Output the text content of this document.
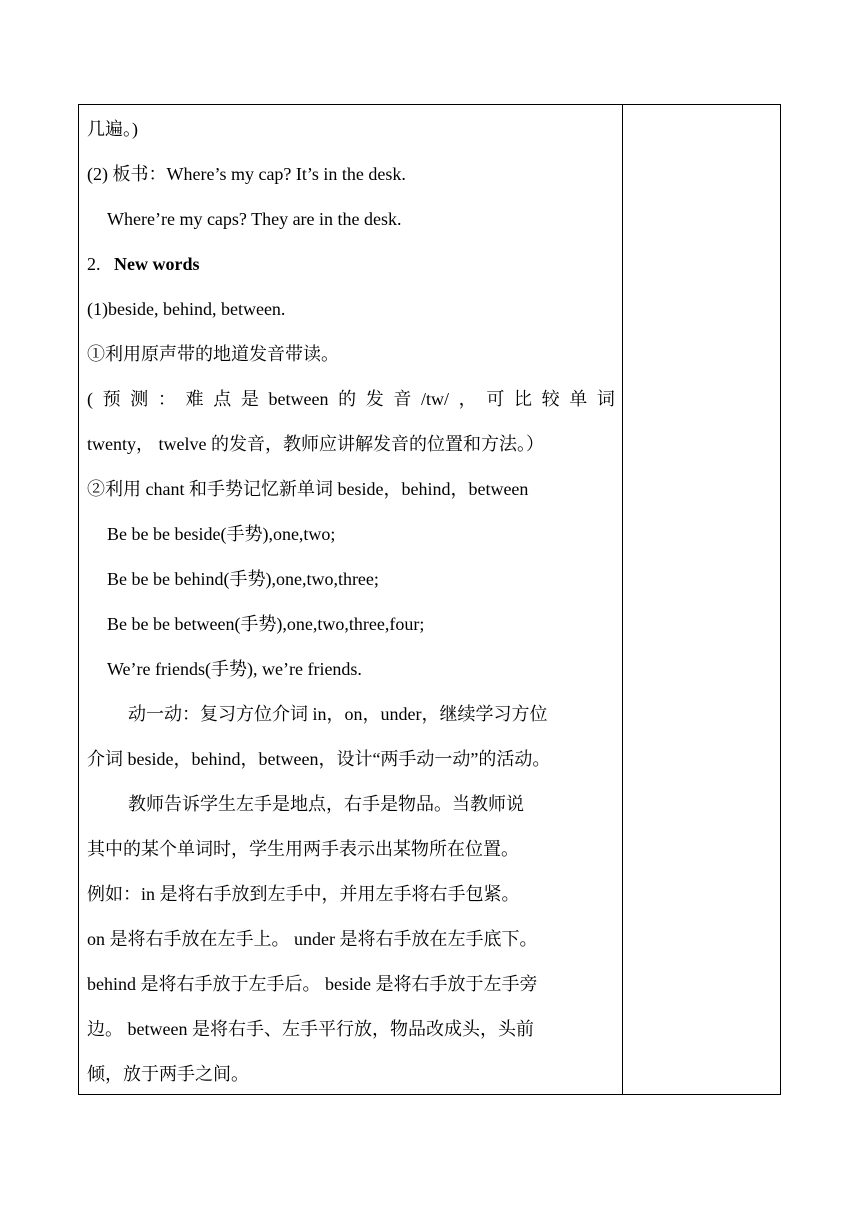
几遍。)
(2) 板书：Where’s my cap? It’s in the desk.
Where’re my caps? They are in the desk.
2. New words
(1)beside, behind, between.
①利用原声带的地道发音带读。
( 预 测 ： 难 点 是 between 的 发 音 /tw/ ， 可 比 较 单 词
twenty， twelve 的发音，教师应讲解发音的位置和方法。）
②利用 chant 和手势记忆新单词 beside，behind，between
Be be be beside(手势),one,two;
Be be be behind(手势),one,two,three;
Be be be between(手势),one,two,three,four;
We’re friends(手势), we’re friends.
动一动：复习方位介词 in，on，under，继续学习方位
介词 beside，behind，between，设计“两手动一动”的活动。
教师告诉学生左手是地点，右手是物品。当教师说
其中的某个单词时，学生用两手表示出某物所在位置。
例如：in 是将右手放到左手中，并用左手将右手包紧。
on 是将右手放在左手上。 under 是将右手放在左手底下。
behind 是将右手放于左手后。 beside 是将右手放于左手旁
边。 between 是将右手、左手平行放，物品改成头，头前
倾，放于两手之间。
